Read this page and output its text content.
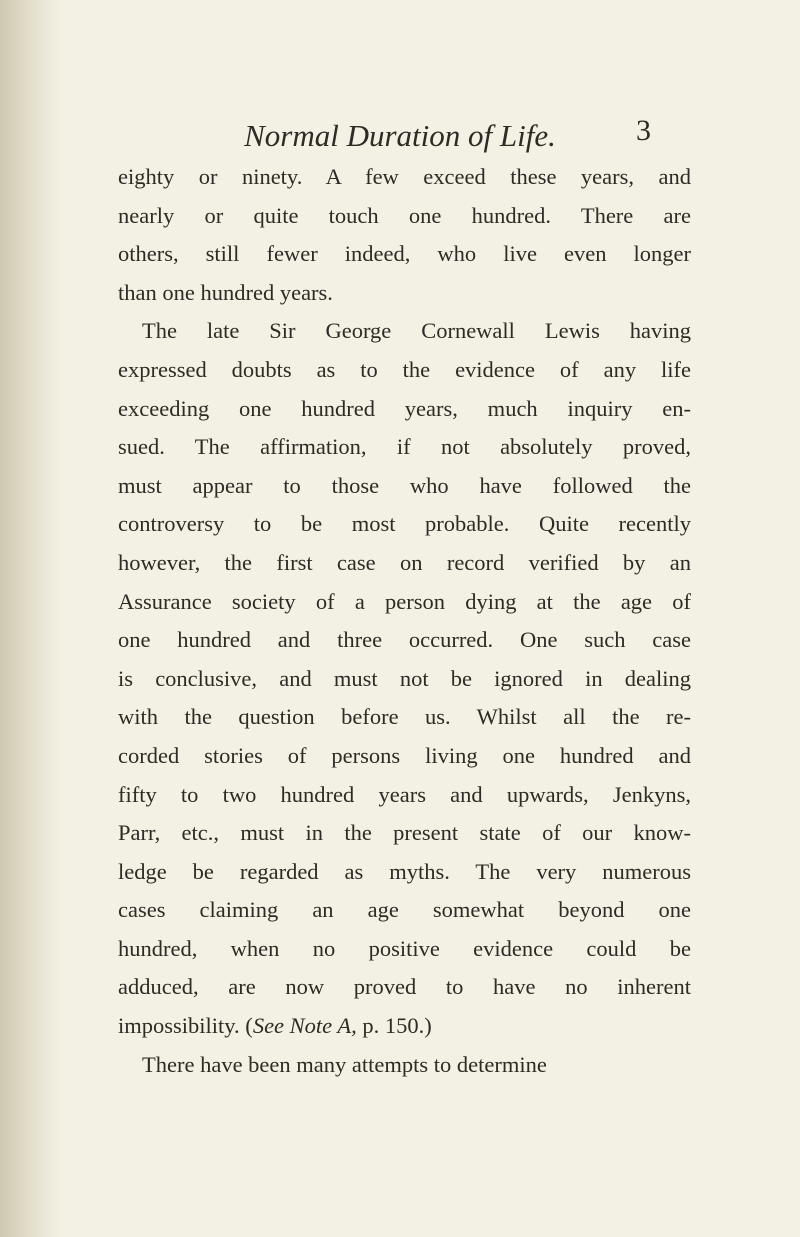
Normal Duration of Life.	3
eighty or ninety. A few exceed these years, and
nearly or quite touch one hundred. There are
others, still fewer indeed, who live even longer
than one hundred years.
The late Sir George Cornewall Lewis having
expressed doubts as to the evidence of any life
exceeding one hundred years, much inquiry en-
sued. The affirmation, if not absolutely proved,
must appear to those who have followed the
controversy to be most probable. Quite recently
however, the first case on record verified by an
Assurance society of a person dying at the age of
one hundred and three occurred. One such case
is conclusive, and must not be ignored in dealing
with the question before us. Whilst all the re-
corded stories of persons living one hundred and
fifty to two hundred years and upwards, Jenkyns,
Parr, etc., must in the present state of our know-
ledge be regarded as myths. The very numerous
cases claiming an age somewhat beyond one
hundred, when no positive evidence could be
adduced, are now proved to have no inherent
impossibility. (See Note A, p. 150.)
There have been many attempts to determine
